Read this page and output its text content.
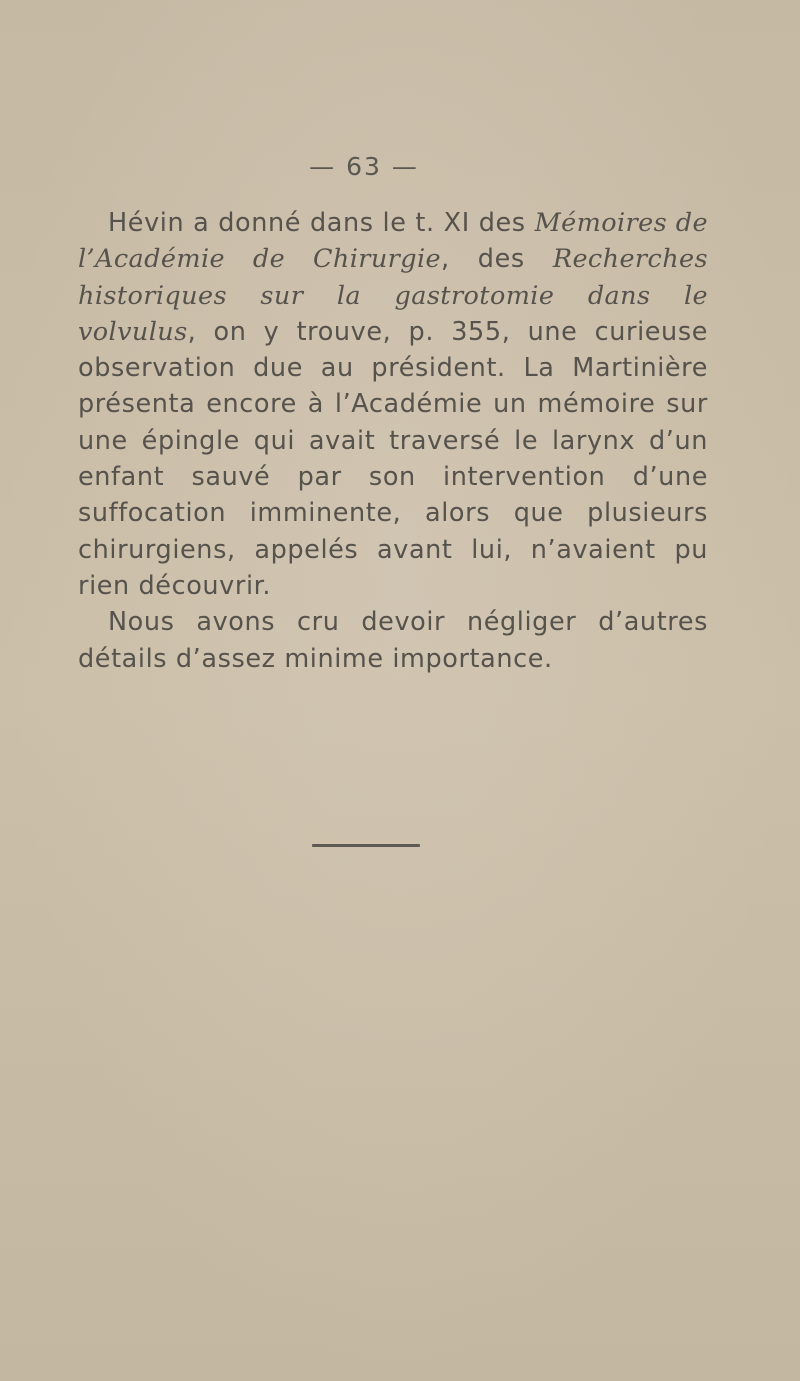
— 63 —

Hévin a donné dans le t. XI des Mémoires de l’Académie de Chirurgie, des Recherches historiques sur la gastrotomie dans le volvulus, on y trouve, p. 355, une curieuse observation due au président. La Martinière présenta encore à l’Académie un mémoire sur une épingle qui avait traversé le larynx d’un enfant sauvé par son intervention d’une suffocation imminente, alors que plusieurs chirurgiens, appelés avant lui, n’avaient pu rien découvrir.

Nous avons cru devoir négliger d’autres détails d’assez minime importance.
